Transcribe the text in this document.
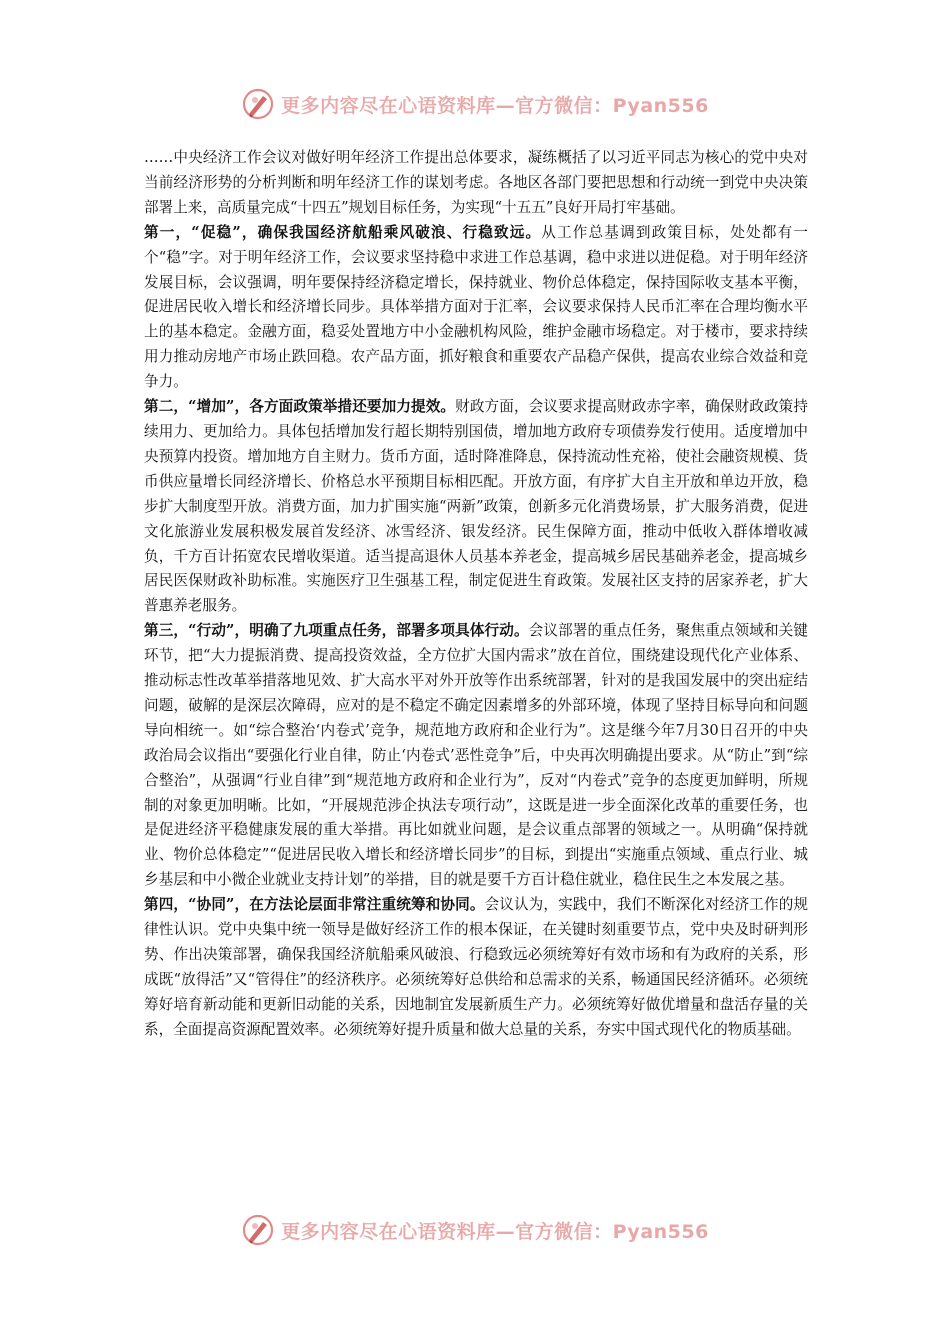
更多内容尽在心语资料库—官方微信：Pyan556

……中央经济工作会议对做好明年经济工作提出总体要求，凝练概括了以习近平同志为核心的党中央对当前经济形势的分析判断和明年经济工作的谋划考虑。各地区各部门要把思想和行动统一到党中央决策部署上来，高质量完成“十四五”规划目标任务，为实现“十五五”良好开局打牢基础。

第一，“促稳”，确保我国经济航船乘风破浪、行稳致远。从工作总基调到政策目标，处处都有一个“稳”字。对于明年经济工作，会议要求坚持稳中求进工作总基调，稳中求进以进促稳。对于明年经济发展目标，会议强调，明年要保持经济稳定增长，保持就业、物价总体稳定，保持国际收支基本平衡，促进居民收入增长和经济增长同步。具体举措方面对于汇率，会议要求保持人民币汇率在合理均衡水平上的基本稳定。金融方面，稳妥处置地方中小金融机构风险，维护金融市场稳定。对于楼市，要求持续用力推动房地产市场止跌回稳。农产品方面，抓好粮食和重要农产品稳产保供，提高农业综合效益和竞争力。

第二，“增加”，各方面政策举措还要加力提效。财政方面，会议要求提高财政赤字率，确保财政政策持续用力、更加给力。具体包括增加发行超长期特别国债，增加地方政府专项债券发行使用。适度增加中央预算内投资。增加地方自主财力。货币方面，适时降准降息，保持流动性充裕，使社会融资规模、货币供应量增长同经济增长、价格总水平预期目标相匹配。开放方面，有序扩大自主开放和单边开放，稳步扩大制度型开放。消费方面，加力扩围实施“两新”政策，创新多元化消费场景，扩大服务消费，促进文化旅游业发展积极发展首发经济、冰雪经济、银发经济。民生保障方面，推动中低收入群体增收减负，千方百计拓宽农民增收渠道。适当提高退休人员基本养老金，提高城乡居民基础养老金，提高城乡居民医保财政补助标准。实施医疗卫生强基工程，制定促进生育政策。发展社区支持的居家养老，扩大普惠养老服务。

第三，“行动”，明确了九项重点任务，部署多项具体行动。会议部署的重点任务，聚焦重点领域和关键环节，把“大力提振消费、提高投资效益，全方位扩大国内需求”放在首位，围绕建设现代化产业体系、推动标志性改革举措落地见效、扩大高水平对外开放等作出系统部署，针对的是我国发展中的突出症结问题，破解的是深层次障碍，应对的是不稳定不确定因素增多的外部环境，体现了坚持目标导向和问题导向相统一。如“综合整治‘内卷式’竞争，规范地方政府和企业行为”。这是继今年7月30日召开的中央政治局会议指出“要强化行业自律，防止‘内卷式’恶性竞争”后，中央再次明确提出要求。从“防止”到“综合整治”，从强调“行业自律”到“规范地方政府和企业行为”，反对“内卷式”竞争的态度更加鲜明，所规制的对象更加明晰。比如，“开展规范涉企执法专项行动”，这既是进一步全面深化改革的重要任务，也是促进经济平稳健康发展的重大举措。再比如就业问题，是会议重点部署的领域之一。从明确“保持就业、物价总体稳定”“促进居民收入增长和经济增长同步”的目标，到提出“实施重点领域、重点行业、城乡基层和中小微企业就业支持计划”的举措，目的就是要千方百计稳住就业，稳住民生之本发展之基。

第四，“协同”，在方法论层面非常注重统筹和协同。会议认为，实践中，我们不断深化对经济工作的规律性认识。党中央集中统一领导是做好经济工作的根本保证，在关键时刻重要节点，党中央及时研判形势、作出决策部署，确保我国经济航船乘风破浪、行稳致远必须统筹好有效市场和有为政府的关系，形成既“放得活”又“管得住”的经济秩序。必须统筹好总供给和总需求的关系，畅通国民经济循环。必须统筹好培育新动能和更新旧动能的关系，因地制宜发展新质生产力。必须统筹好做优增量和盘活存量的关系，全面提高资源配置效率。必须统筹好提升质量和做大总量的关系，夯实中国式现代化的物质基础。

更多内容尽在心语资料库—官方微信：Pyan556
